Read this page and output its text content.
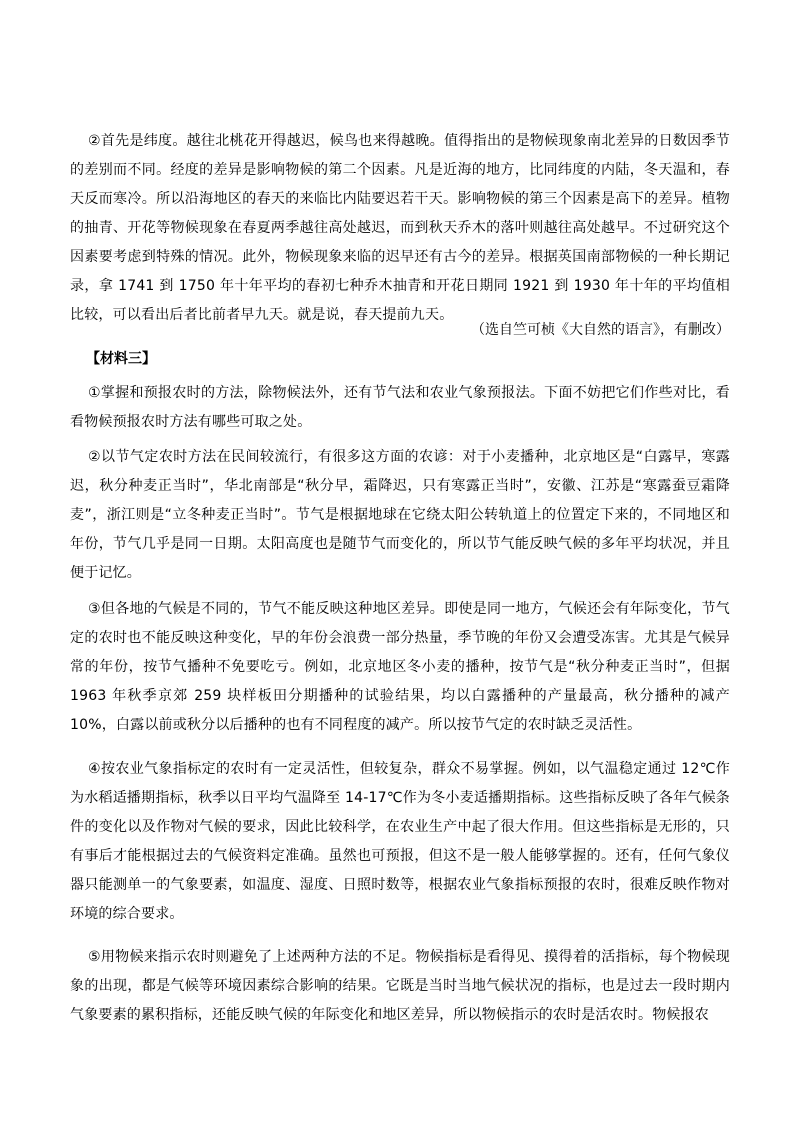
②首先是纬度。越往北桃花开得越迟，候鸟也来得越晚。值得指出的是物候现象南北差异的日数因季节的差别而不同。经度的差异是影响物候的第二个因素。凡是近海的地方，比同纬度的内陆，冬天温和，春天反而寒冷。所以沿海地区的春天的来临比内陆要迟若干天。影响物候的第三个因素是高下的差异。植物的抽青、开花等物候现象在春夏两季越往高处越迟，而到秋天乔木的落叶则越往高处越早。不过研究这个因素要考虑到特殊的情况。此外，物候现象来临的迟早还有古今的差异。根据英国南部物候的一种长期记录，拿 1741 到 1750 年十年平均的春初七种乔木抽青和开花日期同 1921 到 1930 年十年的平均值相比较，可以看出后者比前者早九天。就是说，春天提前九天。

（选自竺可桢《大自然的语言》，有删改）

【材料三】

①掌握和预报农时的方法，除物候法外，还有节气法和农业气象预报法。下面不妨把它们作些对比，看看物候预报农时方法有哪些可取之处。

②以节气定农时方法在民间较流行，有很多这方面的农谚：对于小麦播种，北京地区是“白露早，寒露迟，秋分种麦正当时”，华北南部是“秋分早，霜降迟，只有寒露正当时”，安徽、江苏是“寒露蚕豆霜降麦”，浙江则是“立冬种麦正当时”。节气是根据地球在它绕太阳公转轨道上的位置定下来的，不同地区和年份，节气几乎是同一日期。太阳高度也是随节气而变化的，所以节气能反映气候的多年平均状况，并且便于记忆。

③但各地的气候是不同的，节气不能反映这种地区差异。即使是同一地方，气候还会有年际变化，节气定的农时也不能反映这种变化，早的年份会浪费一部分热量，季节晚的年份又会遭受冻害。尤其是气候异常的年份，按节气播种不免要吃亏。例如，北京地区冬小麦的播种，按节气是“秋分种麦正当时”，但据 1963 年秋季京郊 259 块样板田分期播种的试验结果，均以白露播种的产量最高，秋分播种的减产 10%，白露以前或秋分以后播种的也有不同程度的减产。所以按节气定的农时缺乏灵活性。

④按农业气象指标定的农时有一定灵活性，但较复杂，群众不易掌握。例如，以气温稳定通过 12℃作为水稻适播期指标，秋季以日平均气温降至 14-17℃作为冬小麦适播期指标。这些指标反映了各年气候条件的变化以及作物对气候的要求，因此比较科学，在农业生产中起了很大作用。但这些指标是无形的，只有事后才能根据过去的气候资料定准确。虽然也可预报，但这不是一般人能够掌握的。还有，任何气象仪器只能测单一的气象要素，如温度、湿度、日照时数等，根据农业气象指标预报的农时，很难反映作物对环境的综合要求。

⑤用物候来指示农时则避免了上述两种方法的不足。物候指标是看得见、摸得着的活指标，每个物候现象的出现，都是气候等环境因素综合影响的结果。它既是当时当地气候状况的指标，也是过去一段时期内气象要素的累积指标，还能反映气候的年际变化和地区差异，所以物候指示的农时是活农时。物候报农
